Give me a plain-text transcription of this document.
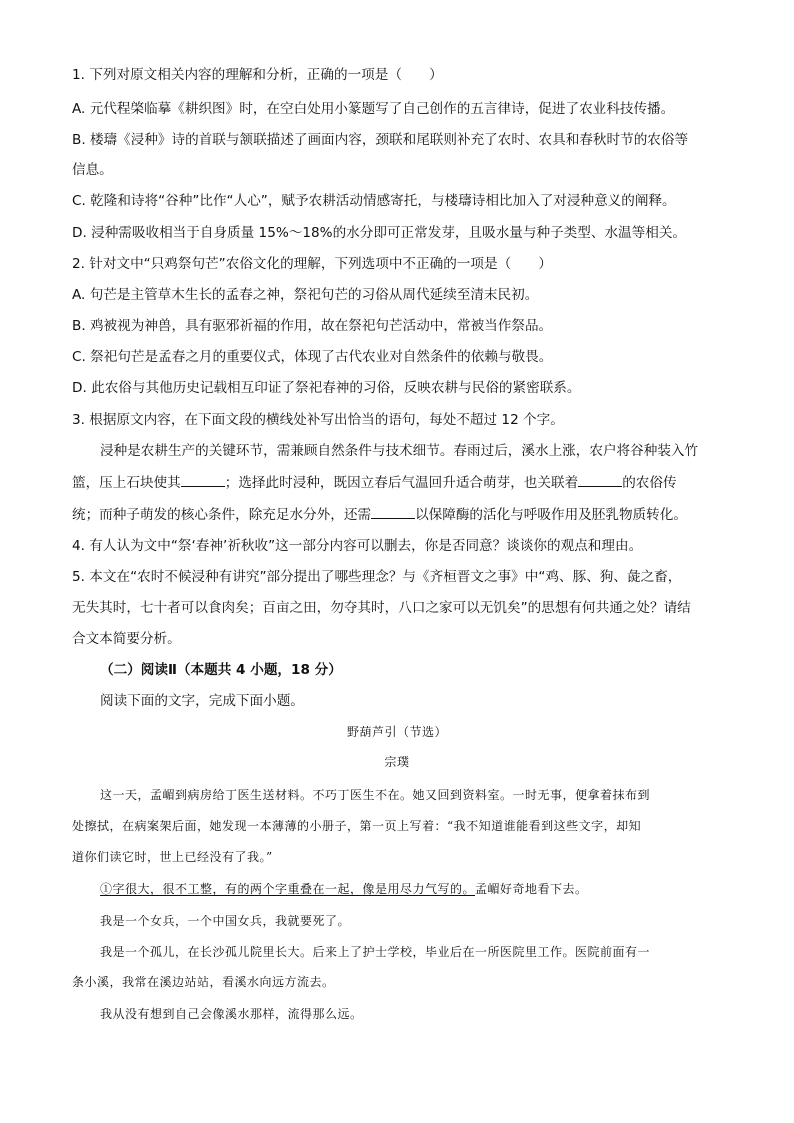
1. 下列对原文相关内容的理解和分析，正确的一项是（　　）
A. 元代程棨临摹《耕织图》时，在空白处用小篆题写了自己创作的五言律诗，促进了农业科技传播。
B. 楼璹《浸种》诗的首联与颔联描述了画面内容，颈联和尾联则补充了农时、农具和春秋时节的农俗等
信息。
C. 乾隆和诗将“谷种”比作“人心”，赋予农耕活动情感寄托，与楼璹诗相比加入了对浸种意义的阐释。
D. 浸种需吸收相当于自身质量 15%～18%的水分即可正常发芽，且吸水量与种子类型、水温等相关。
2. 针对文中“只鸡祭句芒”农俗文化的理解，下列选项中不正确的一项是（　　）
A. 句芒是主管草木生长的孟春之神，祭祀句芒的习俗从周代延续至清末民初。
B. 鸡被视为神兽，具有驱邪祈福的作用，故在祭祀句芒活动中，常被当作祭品。
C. 祭祀句芒是孟春之月的重要仪式，体现了古代农业对自然条件的依赖与敬畏。
D. 此农俗与其他历史记载相互印证了祭祀春神的习俗，反映农耕与民俗的紧密联系。
3. 根据原文内容，在下面文段的横线处补写出恰当的语句，每处不超过 12 个字。
浸种是农耕生产的关键环节，需兼顾自然条件与技术细节。春雨过后，溪水上涨，农户将谷种装入竹
篮，压上石块使其	；选择此时浸种，既因立春后气温回升适合萌芽，也关联着	的农俗传
统；而种子萌发的核心条件，除充足水分外，还需	以保障酶的活化与呼吸作用及胚乳物质转化。
4. 有人认为文中“祭‘春神’祈秋收”这一部分内容可以删去，你是否同意？谈谈你的观点和理由。
5. 本文在“农时不候浸种有讲究”部分提出了哪些理念？与《齐桓晋文之事》中“鸡、豚、狗、彘之畜，
无失其时，七十者可以食肉矣；百亩之田，勿夺其时，八口之家可以无饥矣”的思想有何共通之处？请结
合文本简要分析。
（二）阅读Ⅱ（本题共 4 小题，18 分）
阅读下面的文字，完成下面小题。
野葫芦引（节选）
宗璞
这一天，孟嵋到病房给丁医生送材料。不巧丁医生不在。她又回到资料室。一时无事，便拿着抹布到
处擦拭，在病案架后面，她发现一本薄薄的小册子，第一页上写着：“我不知道谁能看到这些文字，却知
道你们读它时，世上已经没有了我。”
①字很大，很不工整，有的两个字重叠在一起，像是用尽力气写的。孟嵋好奇地看下去。
我是一个女兵，一个中国女兵，我就要死了。
我是一个孤儿，在长沙孤儿院里长大。后来上了护士学校，毕业后在一所医院里工作。医院前面有一
条小溪，我常在溪边站站，看溪水向远方流去。
我从没有想到自己会像溪水那样，流得那么远。
